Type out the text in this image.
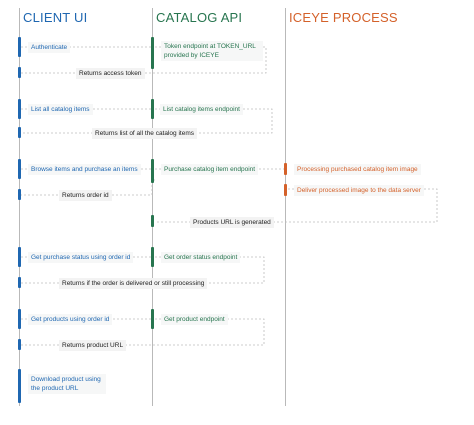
CLIENT UI	CATALOG API	ICEYE PROCESS
Authenticate	Token endpoint at TOKEN_URL provided by ICEYE
Returns access token
List all catalog items	List catalog items endpoint
Returns list of all the catalog items
Browse items and purchase an items	Purchase catalog item endpoint	Processing purchased catalog item image
Returns order id
Deliver processed image to the data server
Products URL is generated
Get purchase status using order id	Get order status endpoint
Returns if the order is delivered or still processing
Get products using order id	Get product endpoint
Returns product URL
Download product using the product URL
